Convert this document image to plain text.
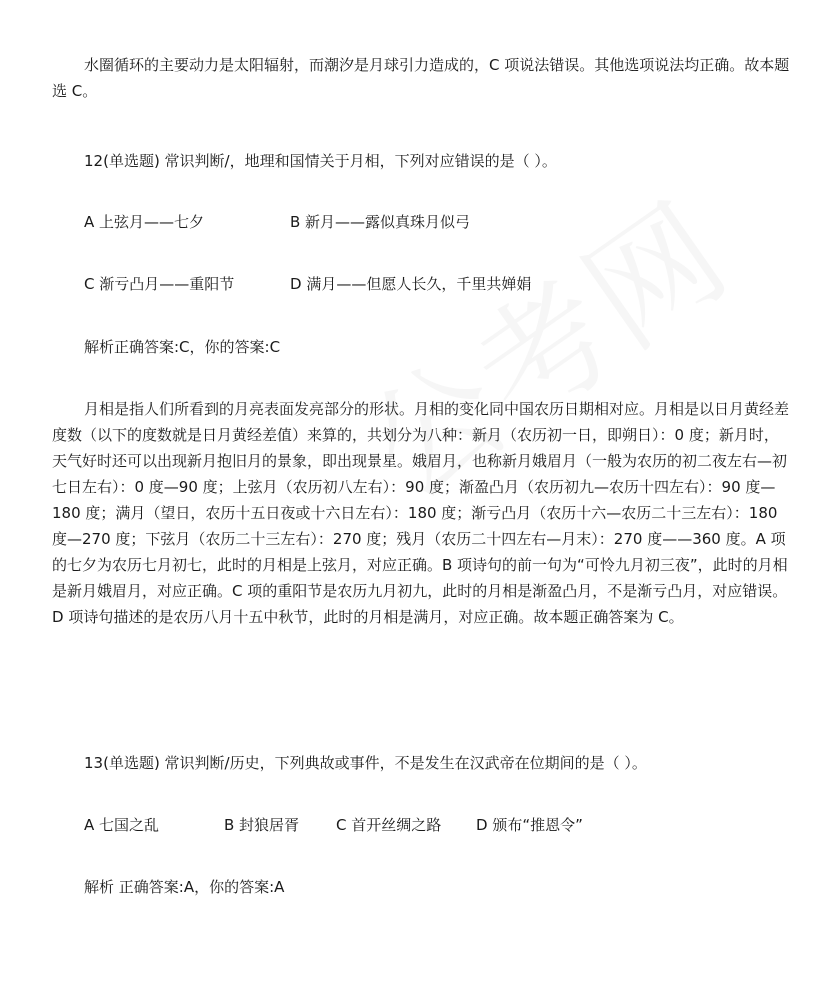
水圈循环的主要动力是太阳辐射，而潮汐是月球引力造成的，C 项说法错误。其他选项说法均正确。故本题选 C。

12(单选题) 常识判断/，地理和国情关于月相，下列对应错误的是（ ）。

A 上弦月——七夕	B 新月——露似真珠月似弓

C 渐亏凸月——重阳节	D 满月——但愿人长久，千里共婵娟

解析正确答案:C，你的答案:C

月相是指人们所看到的月亮表面发亮部分的形状。月相的变化同中国农历日期相对应。月相是以日月黄经差度数（以下的度数就是日月黄经差值）来算的，共划分为八种：新月（农历初一日，即朔日）：0 度；新月时，天气好时还可以出现新月抱旧月的景象，即出现景星。娥眉月，也称新月娥眉月（一般为农历的初二夜左右—初七日左右）：0 度—90 度；上弦月（农历初八左右）：90 度；渐盈凸月（农历初九—农历十四左右）：90 度—180 度；满月（望日，农历十五日夜或十六日左右）：180 度；渐亏凸月（农历十六—农历二十三左右）：180 度—270 度；下弦月（农历二十三左右）：270 度；残月（农历二十四左右—月末）：270 度——360 度。A 项的七夕为农历七月初七，此时的月相是上弦月，对应正确。B 项诗句的前一句为“可怜九月初三夜”，此时的月相是新月娥眉月，对应正确。C 项的重阳节是农历九月初九，此时的月相是渐盈凸月，不是渐亏凸月，对应错误。D 项诗句描述的是农历八月十五中秋节，此时的月相是满月，对应正确。故本题正确答案为 C。

13(单选题) 常识判断/历史，下列典故或事件，不是发生在汉武帝在位期间的是（ ）。

A 七国之乱	B 封狼居胥 C 首开丝绸之路 D 颁布“推恩令”

解析 正确答案:A，你的答案:A
